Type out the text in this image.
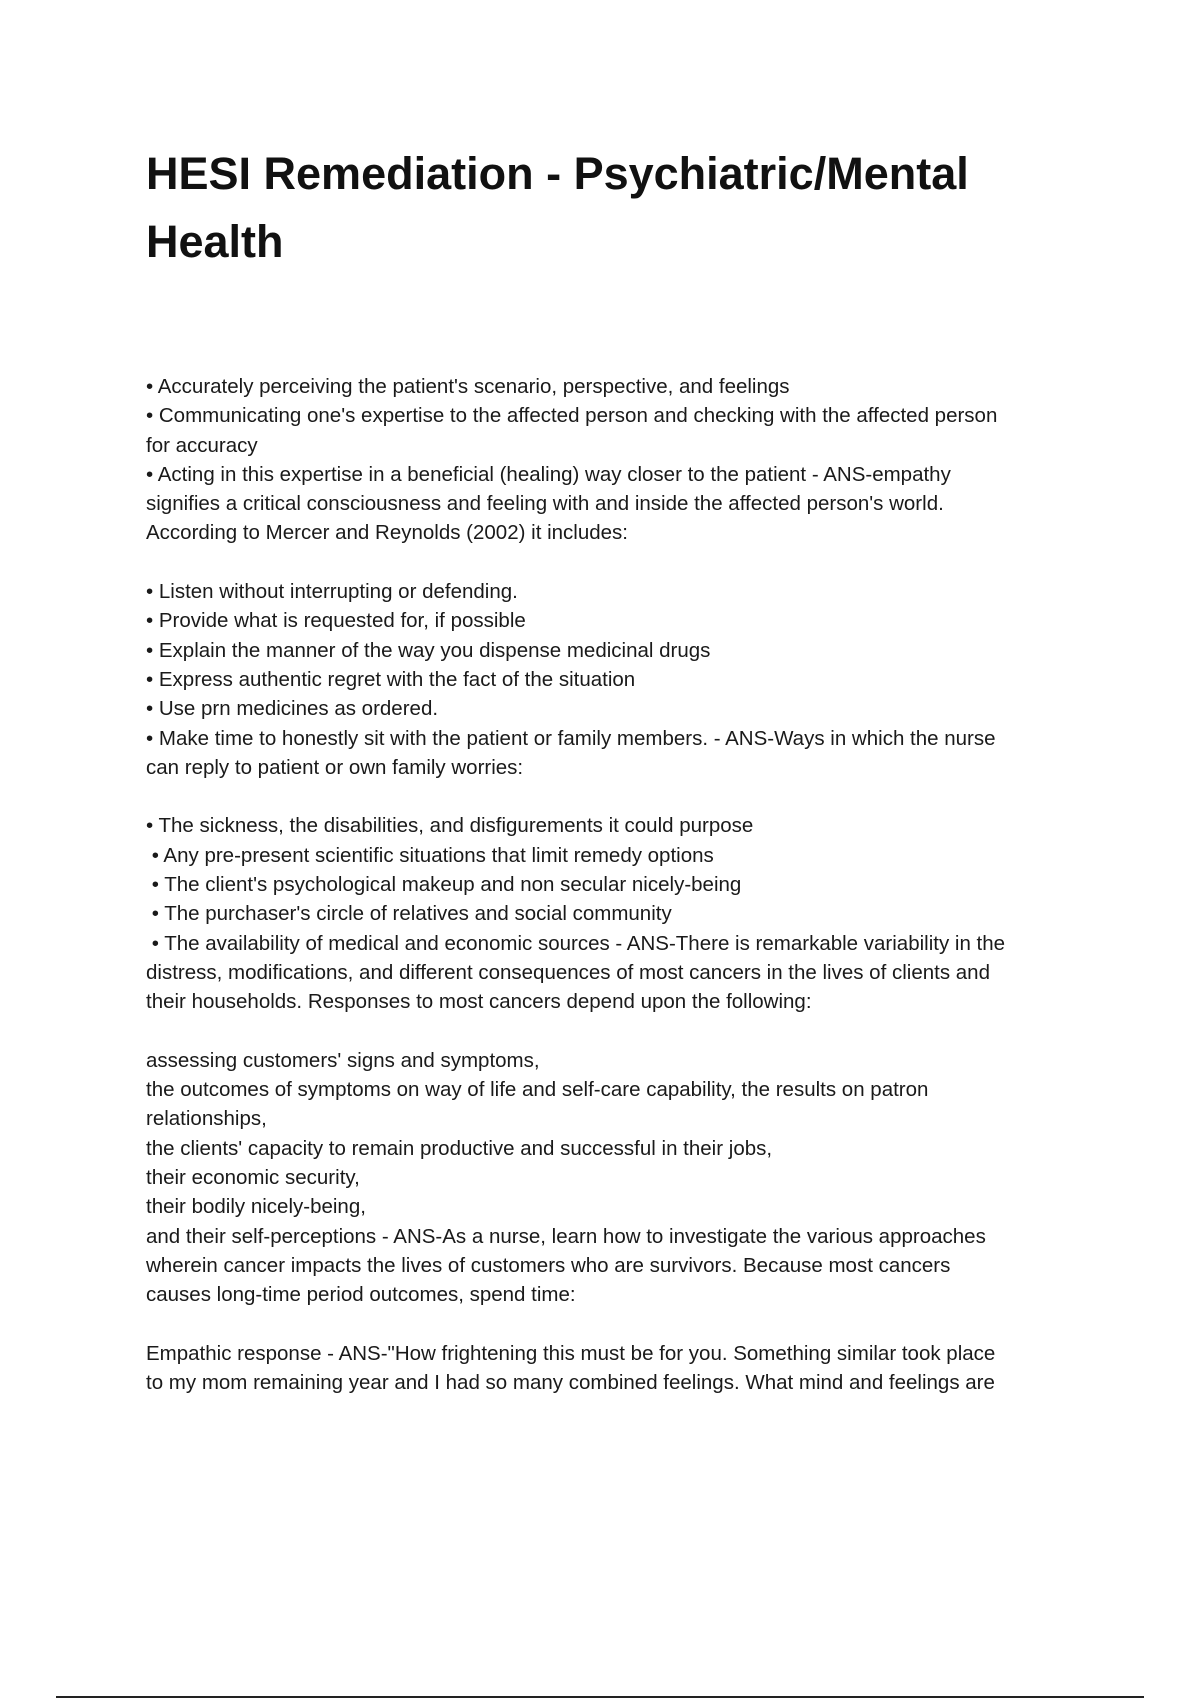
HESI Remediation - Psychiatric/Mental
Health
• Accurately perceiving the patient's scenario, perspective, and feelings
• Communicating one's expertise to the affected person and checking with the affected person
for accuracy
• Acting in this expertise in a beneficial (healing) way closer to the patient - ANS-empathy
signifies a critical consciousness and feeling with and inside the affected person's world.
According to Mercer and Reynolds (2002) it includes:
• Listen without interrupting or defending.
• Provide what is requested for, if possible
• Explain the manner of the way you dispense medicinal drugs
• Express authentic regret with the fact of the situation
• Use prn medicines as ordered.
• Make time to honestly sit with the patient or family members. - ANS-Ways in which the nurse
can reply to patient or own family worries:
• The sickness, the disabilities, and disfigurements it could purpose
• Any pre-present scientific situations that limit remedy options
• The client's psychological makeup and non secular nicely-being
• The purchaser's circle of relatives and social community
• The availability of medical and economic sources - ANS-There is remarkable variability in the
distress, modifications, and different consequences of most cancers in the lives of clients and
their households. Responses to most cancers depend upon the following:
assessing customers' signs and symptoms,
the outcomes of symptoms on way of life and self-care capability, the results on patron
relationships,
the clients' capacity to remain productive and successful in their jobs,
their economic security,
their bodily nicely-being,
and their self-perceptions - ANS-As a nurse, learn how to investigate the various approaches
wherein cancer impacts the lives of customers who are survivors. Because most cancers
causes long-time period outcomes, spend time:
Empathic response - ANS-"How frightening this must be for you. Something similar took place
to my mom remaining year and I had so many combined feelings. What mind and feelings are
